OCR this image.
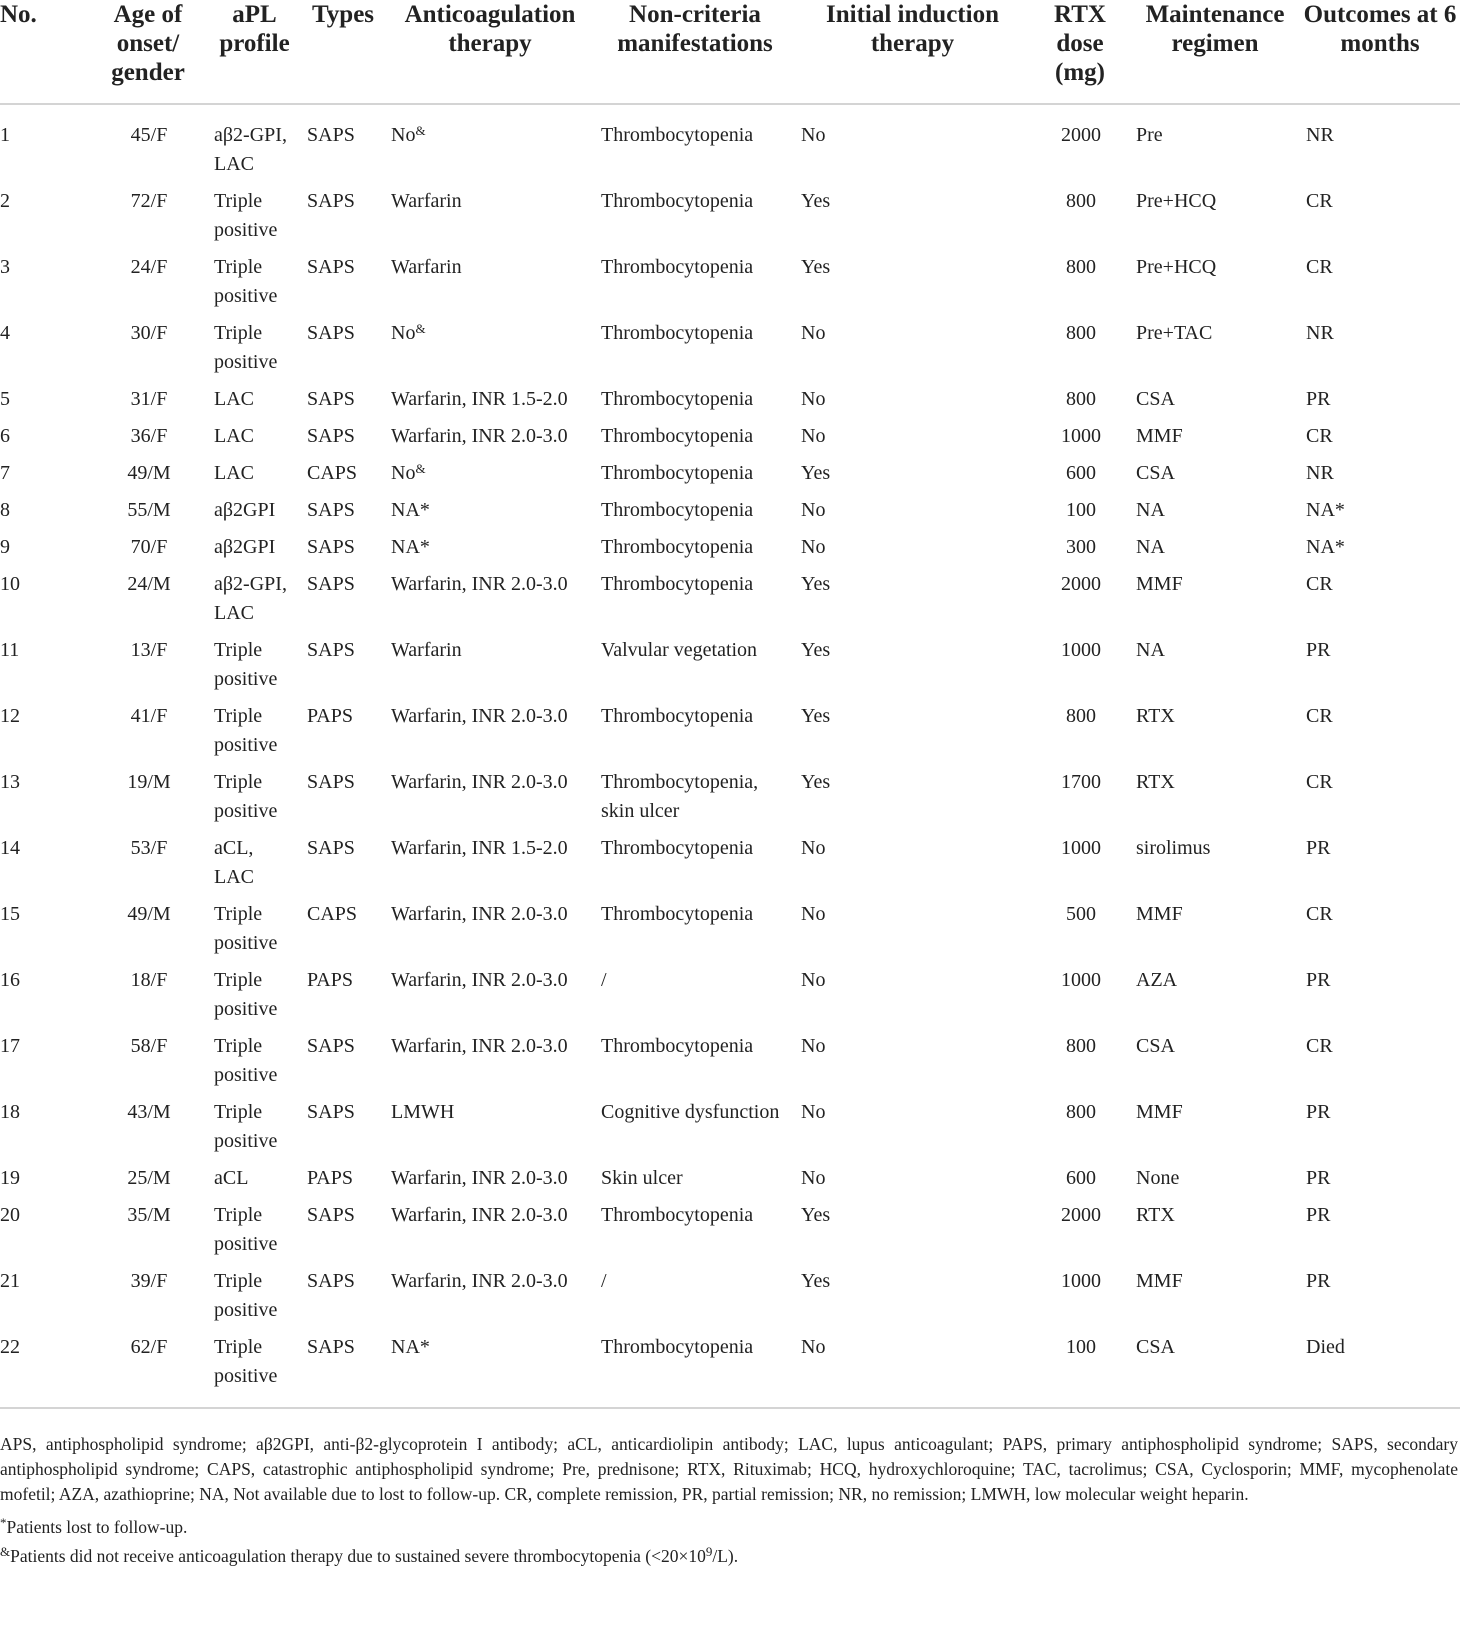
No.	Age of onset/ gender	aPL profile	Types	Anticoagulation therapy	Non-criteria manifestations	Initial induction therapy	RTX dose (mg)	Maintenance regimen	Outcomes at 6 months
1	45/F	aβ2-GPI, LAC	SAPS	No&	Thrombocytopenia	No	2000	Pre	NR
2	72/F	Triple positive	SAPS	Warfarin	Thrombocytopenia	Yes	800	Pre+HCQ	CR
3	24/F	Triple positive	SAPS	Warfarin	Thrombocytopenia	Yes	800	Pre+HCQ	CR
4	30/F	Triple positive	SAPS	No&	Thrombocytopenia	No	800	Pre+TAC	NR
5	31/F	LAC	SAPS	Warfarin, INR 1.5-2.0	Thrombocytopenia	No	800	CSA	PR
6	36/F	LAC	SAPS	Warfarin, INR 2.0-3.0	Thrombocytopenia	No	1000	MMF	CR
7	49/M	LAC	CAPS	No&	Thrombocytopenia	Yes	600	CSA	NR
8	55/M	aβ2GPI	SAPS	NA*	Thrombocytopenia	No	100	NA	NA*
9	70/F	aβ2GPI	SAPS	NA*	Thrombocytopenia	No	300	NA	NA*
10	24/M	aβ2-GPI, LAC	SAPS	Warfarin, INR 2.0-3.0	Thrombocytopenia	Yes	2000	MMF	CR
11	13/F	Triple positive	SAPS	Warfarin	Valvular vegetation	Yes	1000	NA	PR
12	41/F	Triple positive	PAPS	Warfarin, INR 2.0-3.0	Thrombocytopenia	Yes	800	RTX	CR
13	19/M	Triple positive	SAPS	Warfarin, INR 2.0-3.0	Thrombocytopenia, skin ulcer	Yes	1700	RTX	CR
14	53/F	aCL, LAC	SAPS	Warfarin, INR 1.5-2.0	Thrombocytopenia	No	1000	sirolimus	PR
15	49/M	Triple positive	CAPS	Warfarin, INR 2.0-3.0	Thrombocytopenia	No	500	MMF	CR
16	18/F	Triple positive	PAPS	Warfarin, INR 2.0-3.0	/	No	1000	AZA	PR
17	58/F	Triple positive	SAPS	Warfarin, INR 2.0-3.0	Thrombocytopenia	No	800	CSA	CR
18	43/M	Triple positive	SAPS	LMWH	Cognitive dysfunction	No	800	MMF	PR
19	25/M	aCL	PAPS	Warfarin, INR 2.0-3.0	Skin ulcer	No	600	None	PR
20	35/M	Triple positive	SAPS	Warfarin, INR 2.0-3.0	Thrombocytopenia	Yes	2000	RTX	PR
21	39/F	Triple positive	SAPS	Warfarin, INR 2.0-3.0	/	Yes	1000	MMF	PR
22	62/F	Triple positive	SAPS	NA*	Thrombocytopenia	No	100	CSA	Died

APS, antiphospholipid syndrome; aβ2GPI, anti-β2-glycoprotein I antibody; aCL, anticardiolipin antibody; LAC, lupus anticoagulant; PAPS, primary antiphospholipid syndrome; SAPS, secondary antiphospholipid syndrome; CAPS, catastrophic antiphospholipid syndrome; Pre, prednisone; RTX, Rituximab; HCQ, hydroxychloroquine; TAC, tacrolimus; CSA, Cyclosporin; MMF, mycophenolate mofetil; AZA, azathioprine; NA, Not available due to lost to follow-up. CR, complete remission, PR, partial remission; NR, no remission; LMWH, low molecular weight heparin.

*Patients lost to follow-up.

&Patients did not receive anticoagulation therapy due to sustained severe thrombocytopenia $(<20\times 10^9/L)$.
